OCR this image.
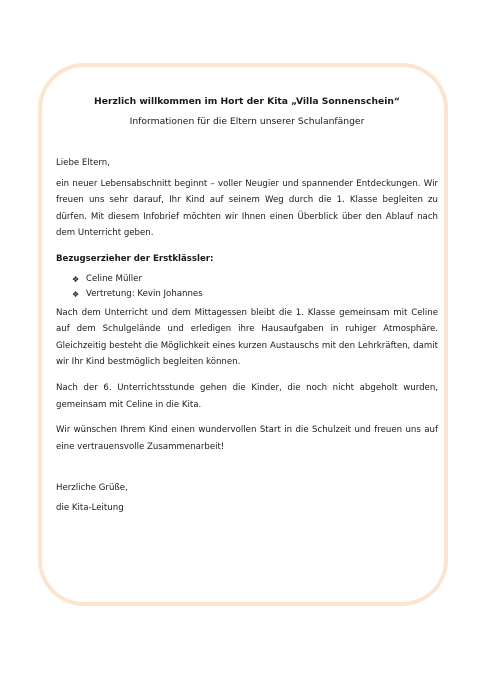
Herzlich willkommen im Hort der Kita „Villa Sonnenschein“

Informationen für die Eltern unserer Schulanfänger

Liebe Eltern,

ein neuer Lebensabschnitt beginnt – voller Neugier und spannender Entdeckungen. Wir freuen uns sehr darauf, Ihr Kind auf seinem Weg durch die 1. Klasse begleiten zu dürfen. Mit diesem Infobrief möchten wir Ihnen einen Überblick über den Ablauf nach dem Unterricht geben.

Bezugserzieher der Erstklässler:

❖ Celine Müller
❖ Vertretung: Kevin Johannes

Nach dem Unterricht und dem Mittagessen bleibt die 1. Klasse gemeinsam mit Celine auf dem Schulgelände und erledigen ihre Hausaufgaben in ruhiger Atmosphäre. Gleichzeitig besteht die Möglichkeit eines kurzen Austauschs mit den Lehrkräften, damit wir Ihr Kind bestmöglich begleiten können.

Nach der 6. Unterrichtsstunde gehen die Kinder, die noch nicht abgeholt wurden, gemeinsam mit Celine in die Kita.

Wir wünschen Ihrem Kind einen wundervollen Start in die Schulzeit und freuen uns auf eine vertrauensvolle Zusammenarbeit!

Herzliche Grüße,

die Kita-Leitung
